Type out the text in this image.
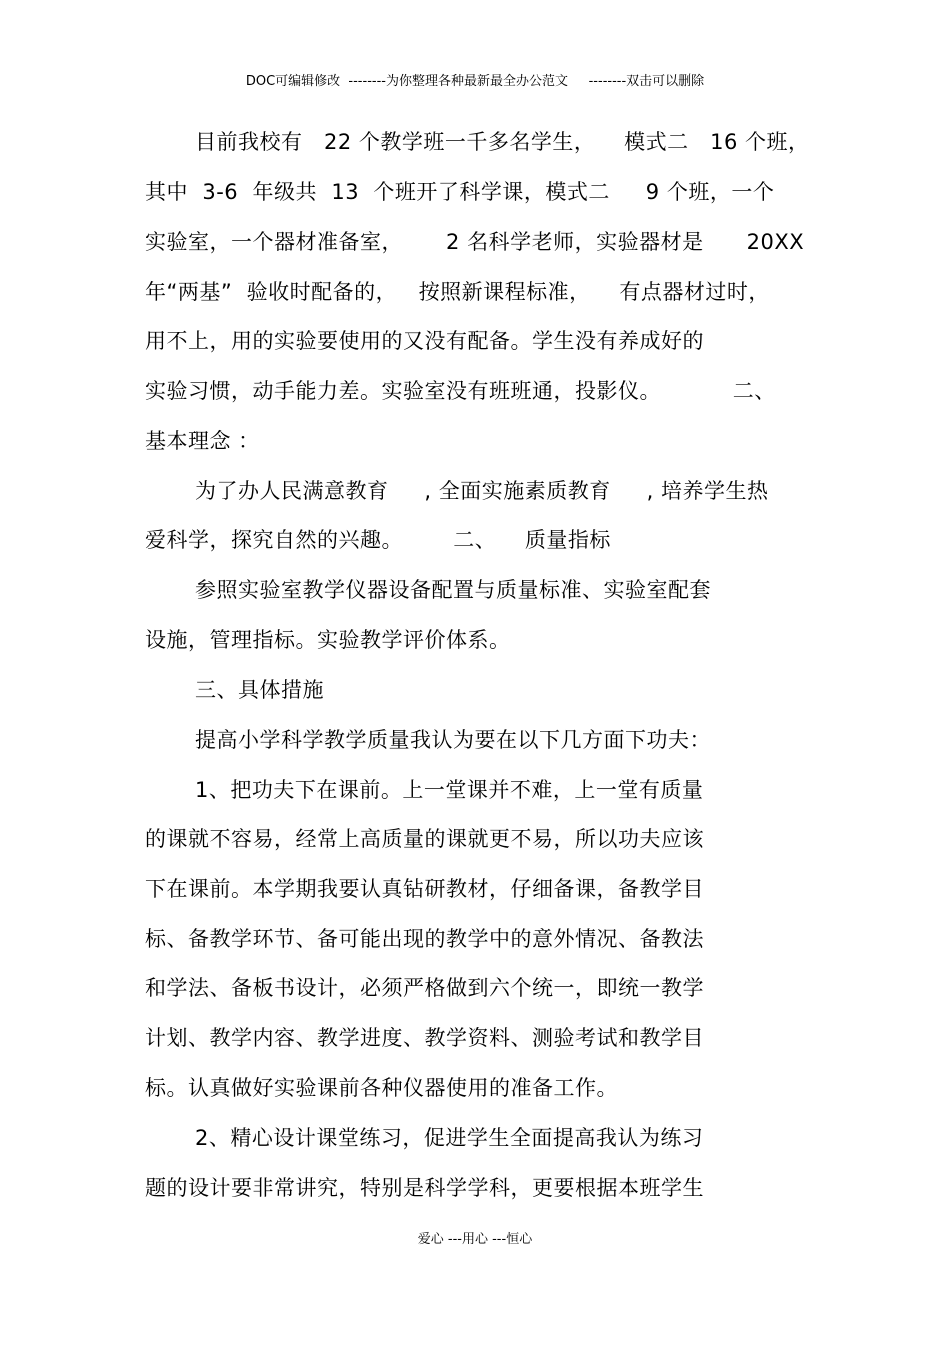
DOC可编辑修改  --------为你整理各种最新最全办公范文     --------双击可以删除
目前我校有   22 个教学班一千多名学生，    模式二   16 个班，
其中  3-6  年级共  13  个班开了科学课，模式二     9 个班，一个
实验室，一个器材准备室，      2 名科学老师，实验器材是      20XX
年“两基”  验收时配备的，   按照新课程标准，    有点器材过时，
用不上，用的实验要使用的又没有配备。学生没有养成好的
实验习惯，动手能力差。实验室没有班班通，投影仪。          二、
基本理念 ：
为了办人民满意教育     , 全面实施素质教育     , 培养学生热
爱科学，探究自然的兴趣。       二、    质量指标
参照实验室教学仪器设备配置与质量标准、实验室配套
设施，管理指标。实验教学评价体系。
三、具体措施
提高小学科学教学质量我认为要在以下几方面下功夫：
1、把功夫下在课前。上一堂课并不难，上一堂有质量
的课就不容易，经常上高质量的课就更不易，所以功夫应该
下在课前。本学期我要认真钻研教材，仔细备课，备教学目
标、备教学环节、备可能出现的教学中的意外情况、备教法
和学法、备板书设计，必须严格做到六个统一，即统一教学
计划、教学内容、教学进度、教学资料、测验考试和教学目
标。认真做好实验课前各种仪器使用的准备工作。
2、精心设计课堂练习，促进学生全面提高我认为练习
题的设计要非常讲究，特别是科学学科，更要根据本班学生
爱心 ---用心 ---恒心
